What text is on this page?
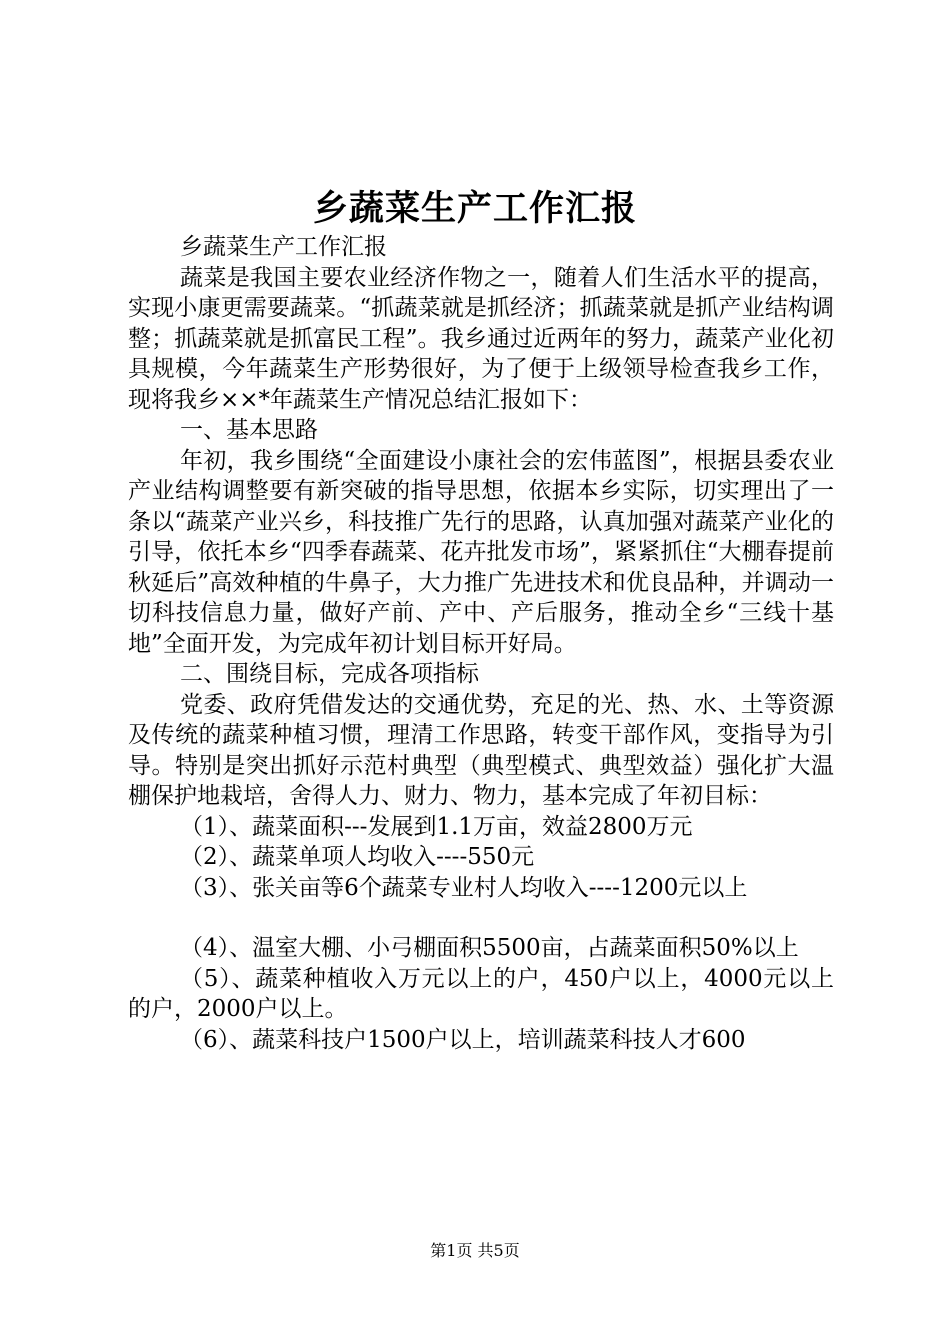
乡蔬菜生产工作汇报

乡蔬菜生产工作汇报

蔬菜是我国主要农业经济作物之一，随着人们生活水平的提高，实现小康更需要蔬菜。“抓蔬菜就是抓经济；抓蔬菜就是抓产业结构调整；抓蔬菜就是抓富民工程”。我乡通过近两年的努力，蔬菜产业化初具规模，今年蔬菜生产形势很好，为了便于上级领导检查我乡工作，现将我乡××*年蔬菜生产情况总结汇报如下：

一、基本思路

年初，我乡围绕“全面建设小康社会的宏伟蓝图”，根据县委农业产业结构调整要有新突破的指导思想，依据本乡实际，切实理出了一条以“蔬菜产业兴乡，科技推广先行的思路，认真加强对蔬菜产业化的引导，依托本乡“四季春蔬菜、花卉批发市场”，紧紧抓住“大棚春提前秋延后”高效种植的牛鼻子，大力推广先进技术和优良品种，并调动一切科技信息力量，做好产前、产中、产后服务，推动全乡“三线十基地”全面开发，为完成年初计划目标开好局。

二、围绕目标，完成各项指标

党委、政府凭借发达的交通优势，充足的光、热、水、土等资源及传统的蔬菜种植习惯，理清工作思路，转变干部作风，变指导为引导。特别是突出抓好示范村典型（典型模式、典型效益）强化扩大温棚保护地栽培，舍得人力、财力、物力，基本完成了年初目标：

（1）、蔬菜面积---发展到1.1万亩，效益2800万元

（2）、蔬菜单项人均收入----550元

（3）、张关亩等6个蔬菜专业村人均收入----1200元以上

（4）、温室大棚、小弓棚面积5500亩，占蔬菜面积50%以上

（5）、蔬菜种植收入万元以上的户，450户以上，4000元以上的户，2000户以上。

（6）、蔬菜科技户1500户以上，培训蔬菜科技人才600

第1页 共5页
